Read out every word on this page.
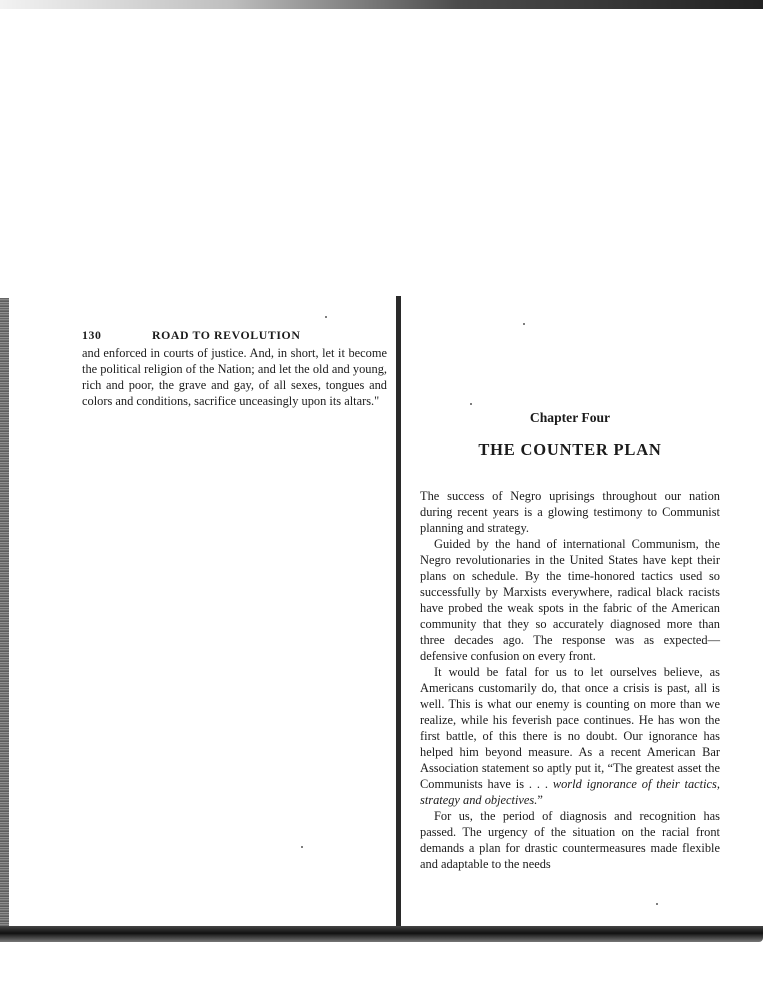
130	ROAD TO REVOLUTION

and enforced in courts of justice. And, in short, let it become the political religion of the Nation; and let the old and young, rich and poor, the grave and gay, of all sexes, tongues and colors and conditions, sacrifice unceasingly upon its altars."

Chapter Four
THE COUNTER PLAN

The success of Negro uprisings throughout our nation during recent years is a glowing testimony to Communist planning and strategy.

Guided by the hand of international Communism, the Negro revolutionaries in the United States have kept their plans on schedule. By the time-honored tactics used so successfully by Marxists everywhere, radical black racists have probed the weak spots in the fabric of the American community that they so accurately diagnosed more than three decades ago. The response was as expected—defensive confusion on every front.

It would be fatal for us to let ourselves believe, as Americans customarily do, that once a crisis is past, all is well. This is what our enemy is counting on more than we realize, while his feverish pace continues. He has won the first battle, of this there is no doubt. Our ignorance has helped him beyond measure. As a recent American Bar Association statement so aptly put it, “The greatest asset the Communists have is . . . world ignorance of their tactics, strategy and objectives.”

For us, the period of diagnosis and recognition has passed. The urgency of the situation on the racial front demands a plan for drastic countermeasures made flexible and adaptable to the needs
